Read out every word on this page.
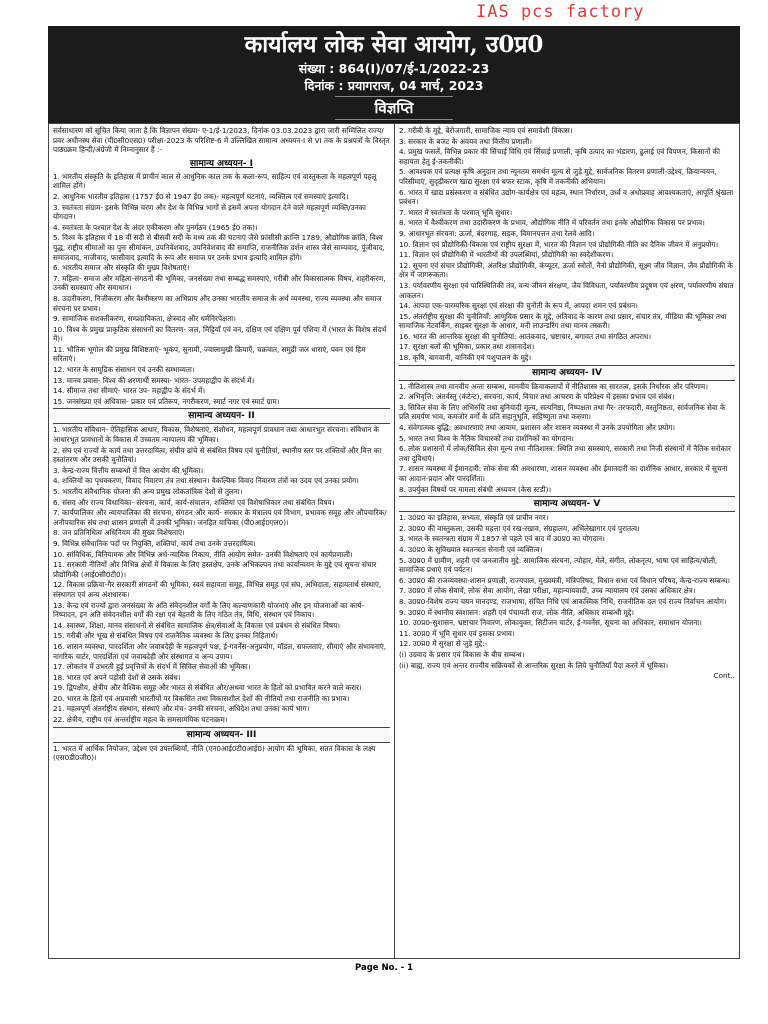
IAS pcs factory
कार्यालय लोक सेवा आयोग, उ0प्र0
संख्या : 864(I)/07/ई-1/2022-23
दिनांक : प्रयागराज, 04 मार्च, 2023
विज्ञप्ति
सर्वसाधारण को सूचित किया जाता है कि विज्ञापन संख्या- ए-1/ई-1/2023, दिनांक 03.03.2023 द्वारा जारी सम्मिलित राज्य/प्रवर अधीनस्थ सेवा (पी0सी0एस0) परीक्षा-2023 के परिशिष्ट-6 में उल्लिखित सामान्य अध्ययन-I से VI तक के प्रश्नपत्रों के विस्तृत पाठ्यक्रम हिन्दी/अंग्रेजी में निम्नानुसार हैं :-
सामान्य अध्ययन- I
1. भारतीय संस्कृति के इतिहास में प्राचीन काल से आधुनिक काल तक के कला-रूप, साहित्य एवं वास्तुकला के महत्वपूर्ण पहलू शामिल होंगे।
2. आधुनिक भारतीय इतिहास (1757 ई0 से 1947 ई0 तक)- महत्वपूर्ण घटनाएं, व्यक्तित्व एवं समस्याएं इत्यादि।
3. स्वतंत्रता संग्राम- इसके विभिन्न चरण और देश के विभिन्न भागों से इसमें अपना योगदान देने वाले महत्वपूर्ण व्यक्ति/उनका योगदान।
4. स्वतंत्रता के पश्चात देश के अंदर एकीकरण और पुनर्गठन (1965 ई0 तक)।
5. विश्व के इतिहास में 18 वीं सदी से बीसवीं सदी के मध्य तक की घटनाएं जैसे फ्रांसीसी क्रान्ति 1789, औद्योगिक क्रांति, विश्व युद्ध, राष्ट्रीय सीमाओं का पुनः सीमांकन, उपनिवेशवाद, उपनिवेशवाद की समाप्ति, राजनीतिक दर्शन शास्त्र जैसे साम्यवाद, पूंजीवाद, समाजवाद, नाजीवाद, फासीवाद इत्यादि के रूप और समाज पर उनके प्रभाव इत्यादि शामिल होंगे।
6. भारतीय समाज और संस्कृति की मुख्य विशेषताएं।
7. महिला- समाज और महिला-संगठनों की भूमिका, जनसंख्या तथा सम्बद्ध समस्याएं, गरीबी और विकासात्मक विषय, शहरीकरण, उनकी समस्याएं और समाधान।
8. उदारीकरण, निजीकरण और वैश्वीकरण का अभिप्राय और उनका भारतीय समाज के अर्थ व्यवस्था, राज्य व्यवस्था और समाज संरचना पर प्रभाव।
9. सामाजिक सशक्तीकरण, सम्प्रदायिकता, क्षेत्रवाद और धर्मनिरपेक्षता।
10. विश्व के प्रमुख प्राकृतिक संसाधनों का वितरण- जल, मिट्टियाँ एवं वन, दक्षिण एवं दक्षिण पूर्व एशिया में (भारत के विशेष संदर्भ में)।
11. भौतिक भूगोल की प्रमुख विशिष्टताएं- भूकंप, सुनामी, ज्वालामुखी क्रियाएँ, चक्रवात, समुद्री जल धाराएं, पवन एवं हिम सरिताएं।
12. भारत के सामुद्रिक संसाधन एवं उनकी सम्भाव्यता।
13. मानव प्रवास- विश्व की शरणार्थी समस्या- भारत- उपमहाद्वीप के संदर्भ में।
14. सीमान्त तथा सीमाएं- भारत उप- महाद्वीप के संदर्भ में।
15. जनसंख्या एवं अधिवास- प्रकार एवं प्रतिरूप, नगरीकरण, स्मार्ट नगर एवं स्मार्ट ग्राम।
सामान्य अध्ययन- II
1. भारतीय संविधान- ऐतिहासिक आधार, विकास, विशेषताएं, संशोधन, महत्वपूर्ण प्रावधान तथा आधारभूत संरचना। संविधान के आधारभूत प्रावधानों के विकास में उच्चतम न्यायालय की भूमिका।
2. संघ एवं राज्यों के कार्य तथा उत्तरदायित्व, संघीय ढांचे से संबंधित विषय एवं चुनौतियां, स्थानीय स्तर पर शक्तियों और वित्त का हस्तांतरण और उसकी चुनौतियां।
3. केन्द्र-राज्य वित्तीय सम्बन्धों में वित्त आयोग की भूमिका।
4. शक्तियों का पृथक्करण, विवाद निवारण तंत्र तथा संस्थान। वैकल्पिक विवाद निवारण तंत्रों का उदय एवं उनका प्रयोग।
5. भारतीय संवैधानिक योजना की अन्य प्रमुख लोकतांत्रिक देशों से तुलना।
6. संसद और राज्य विधायिका- संरचना, कार्य, कार्य-संचालन, शक्तियां एवं विशेषाधिकार तथा संबंधित विषय।
7. कार्यपालिका और न्यायपालिका की संरचना, संगठन और कार्य- सरकार के मंत्रालय एवं विभाग, प्रभावक समूह और औपचारिक/अनौपचारिक संघ तथा शासन प्रणाली में उनकी भूमिका। जनहित याचिका (पी0आई0एल0)।
8. जन प्रतिनिधित्व अधिनियम की मुख्य विशेषताएं।
9. विभिन्न संवैधानिक पदों पर नियुक्ति, शक्तियां, कार्य तथा उनके उत्तरदायित्व।
10. सांविधिक, विनियामक और विभिन्न अर्ध-न्यायिक निकाय, नीति आयोग समेत- उनकी विशेषताएं एवं कार्यप्रणाली।
11. सरकारी नीतियों और विभिन्न क्षेत्रों में विकास के लिए हस्तक्षेप, उनके अभिकल्पन तथा कार्यान्वयन के मुद्दे एवं सूचना संचार प्रौद्योगिकी (आई0सी0टी0)।
12. विकास प्रक्रिया-गैर सरकारी संगठनों की भूमिका, स्वयं सहायता समूह, विभिन्न समूह एवं संघ, अभिदाता, सहायतार्थ संस्थाएं, संस्थागत एवं अन्य अंशधारक।
13. केन्द्र एवं राज्यों द्वारा जनसंख्या के अति संवेदनशील वर्गों के लिए कल्याणकारी योजनाएं और इन योजनाओं का कार्य- निष्पादन, इन अति संवेदनशील वर्गों की रक्षा एवं बेहतरी के लिए गठित तंत्र, विधि, संस्थान एवं निकाय।
14. स्वास्थ्य, शिक्षा, मानव संसाधनों से संबंधित सामाजिक क्षेत्र/सेवाओं के विकास एवं प्रबंधन से संबंधित विषय।
15. गरीबी और भूख से संबंधित विषय एवं राजनैतिक व्यवस्था के लिए इनका निहितार्थ।
16. शासन व्यवस्था, पारदर्शिता और जवाबदेही के महत्वपूर्ण पक्ष, ई-गवर्नेंस-अनुप्रयोग, मॉडल, सफलताएं, सीमाएं और संभावनाएं, नागरिक चार्टर, पारदर्शिता एवं जवाबदेही और संस्थागत व अन्य उपाय।
17. लोकतंत्र में उभरती हुई प्रवृत्तियों के संदर्भ में सिविल सेवाओं की भूमिका।
18. भारत एवं अपने पड़ोसी देशों से उसके संबंध।
19. द्विपक्षीय, क्षेत्रीय और वैश्विक समूह और भारत से संबंधित और/अथवा भारत के हितों को प्रभावित करने वाले करार।
20. भारत के हितों एवं अप्रवासी भारतीयों पर विकसित तथा विकासशील देशों की नीतियों तथा राजनीति का प्रभाव।
21. महत्वपूर्ण अंतर्राष्ट्रीय संस्थान, संस्थाएं और मंच- उनकी संरचना, अधिदेश तथा उनका कार्य भाग।
22. क्षेत्रीय, राष्ट्रीय एवं अन्तर्राष्ट्रीय महत्व के समसामयिक घटनाक्रम।
सामान्य अध्ययन- III
1. भारत में आर्थिक नियोजन, उद्देश्य एवं उपलब्धियाँ, नीति (एन0आई0टी0आई0) आयोग की भूमिका, सतत विकास के लक्ष्य (एस0डी0जी0)।
2. गरीबी के मुद्दे, बेरोजगारी, सामाजिक न्याय एवं समावेशी विकास।
3. सरकार के बजट के अवयव तथा वित्तीय प्रणाली।
4. प्रमुख फसलें, विभिन्न प्रकार की सिंचाई विधि एवं सिंचाई प्रणाली, कृषि उत्पाद का भंडारण, ढुलाई एवं विपणन, किसानों की सहायता हेतु ई-तकनीकी।
5. आवश्यक एवं प्रत्यक्ष कृषि अनुदान तथा न्यूनतम समर्थन मूल्य से जुड़े मुद्दे, सार्वजनिक वितरण प्रणाली-उद्देश्य, क्रियान्वयन, परिसीमाएं, सुदृढ़ीकरण खाद्य सुरक्षा एवं बफर स्टाक, कृषि में तकनीकी अभियान।
6. भारत में खाद्य प्रसंस्करण व संबंधित उद्योग-कार्यक्षेत्र एवं महत्व, स्थान निर्धारण, उर्ध्व व अधोप्रवाह आवश्यकताएं, आपूर्ति श्रृंखला प्रबंधन।
7. भारत में स्वतंत्रता के पश्चात् भूमि सुधार।
8. भारत में वैश्वीकरण तथा उदारीकरण के प्रभाव, औद्योगिक नीति में परिवर्तन तथा इनके औद्योगिक विकास पर प्रभाव।
9. आधारभूत संरचना: ऊर्जा, बंदरगाह, सड़क, विमानपत्तन तथा रेलवे आदि।
10. विज्ञान एवं प्रौद्योगिकी-विकास एवं राष्ट्रीय सुरक्षा में, भारत की विज्ञान एवं प्रौद्योगिकी नीति का दैनिक जीवन में अनुप्रयोग।
11. विज्ञान एवं प्रौद्योगिकी में भारतीयों की उपलब्धियां, प्रौद्योगिकी का स्वदेशीकरण।
12. सूचना एवं संचार प्रौद्योगिकी, अंतरिक्ष प्रौद्योगिकी, कंप्यूटर, ऊर्जा स्त्रोतों, नैनो प्रौद्योगिकी, सूक्ष्म जीव विज्ञान, जैव प्रौद्योगिकी के क्षेत्र में जागरूकता।
13. पर्यावरणीय सुरक्षा एवं पारिस्थितिकी तंत्र, वन्य जीवन संरक्षण, जैव विविधता, पर्यावरणीय प्रदूषण एवं क्षरण, पर्यावरणीय संघात आकलन।
14. आपदा एक-पारम्परिक सुरक्षा एवं संरक्षा की चुनौती के रूप में, आपदा शमन एवं प्रबंधन।
15. अंतर्राष्ट्रीय सुरक्षा की चुनौतियाँ: आणुविक प्रसार के मुद्दे, अतिवाद के कारण तथा प्रसार, संचार तंत्र, मीडिया की भूमिका तथा सामाजिक नेटवर्किंग, साइबर सुरक्षा के आधार, मनी लाउन्डरिंग तथा मानव तस्करी।
16. भारत की आन्तरिक सुरक्षा की चुनौतियां: आतंकवाद, भ्रष्टाचार, बगावत तथा संगठित अपराध।
17. सुरक्षा बलों की भूमिका, प्रकार तथा शासनादेश।
18. कृषि, बागवानी, वानिकी एवं पशुपालन के मुद्दे।
सामान्य अध्ययन- IV
1. नीतिशास्त्र तथा मानवीय अन्तः सम्बन्ध, मानवीय क्रियाकलापों में नीतिशास्त्र का सारतत्व, इसके निर्धारक और परिणाम।
2. अभिवृत्ति: अंतर्वस्तु (कंटेन्ट), संरचना, कार्य, विचार तथा आचरण के परिप्रेक्ष्य में इसका प्रभाव एवं संबंध।
3. सिविल सेवा के लिए अभिरुचि तथा बुनियादी मूल्य, सत्यनिष्ठा, निष्पक्षता तथा गैर- तरफदारी, वस्तुनिष्ठता, सार्वजनिक सेवा के प्रति समर्पण भाव, कमजोर वर्गों के प्रति सहानुभूति, सहिष्णुता तथा करुणा।
4. संवेगात्मक बुद्धि: अवधारणाएं तथा आयाम, प्रशासन और शासन व्यवस्था में उनके उपयोगिता और प्रयोग।
5. भारत तथा विश्व के नैतिक विचारकों तथा दार्शनिकों का योगदान।
6. लोक प्रशासनों में लोक/सिविल सेवा मूल्य तथा नीतिशास्त्र: स्थिति तथा समस्याएं, सरकारी तथा निजी संस्थानों में नैतिक सरोकार तथा दुविधाएं।
7. शासन व्यवस्था में ईमानदारी: लोक सेवा की अवधारणा, शासन व्यवस्था और ईमानदारी का दार्शनिक आधार, सरकार में सूचना का आदान-प्रदान और पारदर्शिता।
8. उपर्युक्त विषयों पर मामला संबंधी अध्ययन (केस स्टडी)।
सामान्य अध्ययन- V
1. उ0प्र0 का इतिहास, सभ्यता, संस्कृति एवं प्राचीन नगर।
2. उ0प्र0 की वास्तुकला, उसकी महत्ता एवं रख-रखाव, संग्रहालय, अभिलेखागार एवं पुरातत्व।
3. भारत के स्वतन्त्रता संग्राम में 1857 से पहले एवं बाद में उ0प्र0 का योगदान।
4. उ0प्र0 के सुविख्यात स्वतन्त्रता सेनानी एवं व्यक्तित्व।
5. उ0प्र0 में ग्रामीण, शहरी एवं जनजातीय मुद्दे: सामाजिक संरचना, त्योहार, मेले, संगीत, लोकनृत्य, भाषा एवं साहित्य/बोली, सामाजिक प्रथाएं एवं पर्यटन।
6. उ0प्र0 की राजव्यवस्था-शासन प्रणाली, राज्यपाल, मुख्यमंत्री, मंत्रिपरिषद, विधान सभा एवं विधान परिषद, केन्द्र-राज्य सम्बन्ध।
7. उ0प्र0 में लोक सेवायें, लोक सेवा आयोग, लेखा परीक्षा, महान्यायवादी, उच्च न्यायालय एवं उसका अधिकार क्षेत्र।
8. उ0प्र0-विशेष राज्य चयन मानदण्ड, राजभाषा, संचित निधि एवं आकस्मिक निधि, राजनीतिक दल एवं राज्य निर्वाचन आयोग।
9. उ0प्र0 में स्थानीय स्वशासन: शहरी एवं पंचायती राज, लोक नीति, अधिकार सम्बन्धी मुद्दे।
10. उ0प्र0-सुशासन, भ्रष्टाचार निवारण, लोकायुक्त, सिटीजन चार्टर, ई-गवर्नेस, सूचना का अधिकार, समाधान योजना।
11. उ0प्र0 में भूमि सुधार एवं इसका प्रभाव।
12. उ0प्र0 में सुरक्षा से जुड़े मुद्दे:-
(i) उग्रवाद के प्रसार एवं विकास के बीच सम्बन्ध।
(ii) बाह्य, राज्य एवं अन्तर राज्यीय सक्रियकों से आन्तरिक सुरक्षा के लिये चुनौतियाँ पैदा करने में भूमिका।
Cont..
Page No. - 1
